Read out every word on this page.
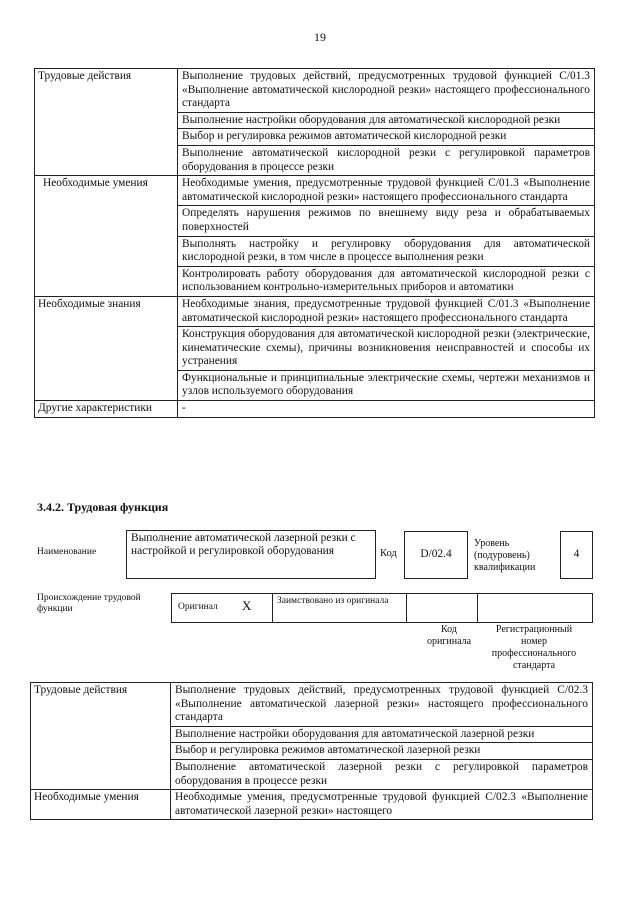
19
Трудовые действия	Выполнение трудовых действий, предусмотренных трудовой функцией C/01.3 «Выполнение автоматической кислородной резки» настоящего профессионального стандарта
	Выполнение настройки оборудования для автоматической кислородной резки
	Выбор и регулировка режимов автоматической кислородной резки
	Выполнение автоматической кислородной резки с регулировкой параметров оборудования в процессе резки
Необходимые умения	Необходимые умения, предусмотренные трудовой функцией C/01.3 «Выполнение автоматической кислородной резки» настоящего профессионального стандарта
	Определять нарушения режимов по внешнему виду реза и обрабатываемых поверхностей
	Выполнять настройку и регулировку оборудования для автоматической кислородной резки, в том числе в процессе выполнения резки
	Контролировать работу оборудования для автоматической кислородной резки с использованием контрольно-измерительных приборов и автоматики
Необходимые знания	Необходимые знания, предусмотренные трудовой функцией C/01.3 «Выполнение автоматической кислородной резки» настоящего профессионального стандарта
	Конструкция оборудования для автоматической кислородной резки (электрические, кинематические схемы), причины возникновения неисправностей и способы их устранения
	Функциональные и принципиальные электрические схемы, чертежи механизмов и узлов используемого оборудования
Другие характеристики	-
3.4.2. Трудовая функция
Наименование
Выполнение автоматической лазерной резки с настройкой и регулировкой оборудования	Код D/02.4
Уровень (подуровень) квалификации
4
Происхождение трудовой функции	Оригинал X	Заимствовано из оригинала
Код оригинала
Регистрационный номер профессионального стандарта
Трудовые действия	Выполнение трудовых действий, предусмотренных трудовой функцией C/02.3 «Выполнение автоматической лазерной резки» настоящего профессионального стандарта
	Выполнение настройки оборудования для автоматической лазерной резки
	Выбор и регулировка режимов автоматической лазерной резки
	Выполнение автоматической лазерной резки с регулировкой параметров оборудования в процессе резки
Необходимые умения	Необходимые умения, предусмотренные трудовой функцией C/02.3 «Выполнение автоматической лазерной резки» настоящего
